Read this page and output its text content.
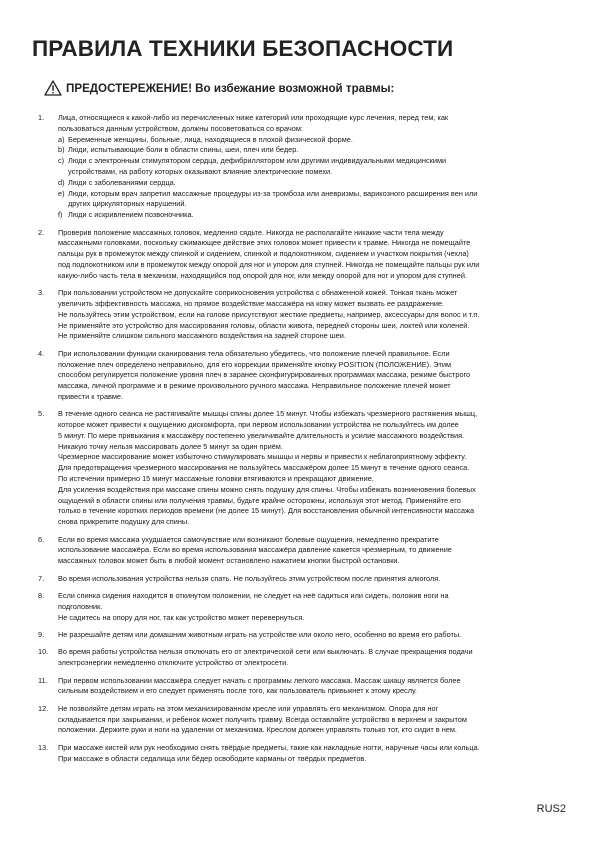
ПРАВИЛА ТЕХНИКИ БЕЗОПАСНОСТИ
ПРЕДОСТЕРЕЖЕНИЕ! Во избежание возможной травмы:
1. Лица, относящиеся к какой-либо из перечисленных ниже категорий или проходящие курс лечения, перед тем, как
пользоваться данным устройством, должны посоветоваться со врачом:
а) Беременные женщины, больные, лица, находящиеся в плохой физической форме.
b) Люди, испытывающие боли в области спины, шеи, плеч или бедер.
c) Люди с электронным стимулятором сердца, дефибриллятором или другими индивидуальными медицинскими
устройствами, на работу которых оказывают влияние электрические помехи.
d) Люди с заболеваниями сердца.
e) Люди, которым врач запретил массажные процедуры из-за тромбоза или аневризмы, варикозного расширения вен или
других циркуляторных нарушений.
f) Люди с искривлением позвоночника.
2. Проверив положение массажных головок, медленно сядьте. Никогда не располагайте никакие части тела между
массажными головками, поскольку сжимающее действие этих головок может привести к травме. Никогда не помещайте
пальцы рук в промежуток между спинкой и сидением, спинкой и подлокотником, сидением и участком покрытия (чехла)
под подлокотником или в промежуток между опорой для ног и упором для ступней. Никогда не помещайте пальцы рук или
какую-либо часть тела в механизм, находящийся под опорой для ног, или между опорой для ног и упором для ступней.
3. При пользовании устройством не допускайте соприкосновения устройства с обнаженной кожей. Тонкая ткань может
увеличить эффективность массажа, но прямое воздействие массажёра на кожу может вызвать ее раздражение.
Не пользуйтесь этим устройством, если на голове присутствуют жесткие предметы, например, аксессуары для волос и т.п.
Не применяйте это устройство для массирования головы, области живота, передней стороны шеи, локтей или коленей.
Не применяйте слишком сильного массажного воздействия на задней стороне шеи.
4. При использовании функции сканирования тела обязательно убедитесь, что положение плечей правильное. Если
положение плеч определено неправильно, для его коррекции применяйте кнопку POSITION (ПОЛОЖЕНИЕ). Этим
способом регулируется положение уровня плеч в заранее сконфигурированных программах массажа, режиме быстрого
массажа, личной программе и в режиме произвольного ручного массажа. Неправильное положение плечей может
привести к травме.
5. В течение одного сеанса не растягивайте мышцы спины долее 15 минут. Чтобы избежать чрезмерного растяжения мышц,
которое может привести к ощущению дискомфорта, при первом использовании устройства не пользуйтесь им долее
5 минут. По мере привыкания к массажёру постепенно увеличивайте длительность и усилие массажного воздействия.
Никакую точку нельзя массировать долее 5 минут за один приём.
Чрезмерное массирование может избыточно стимулировать мышцы и нервы и привести к неблагоприятному эффекту.
Для предотвращения чрезмерного массирования не пользуйтесь массажёром долее 15 минут в течение одного сеанса.
По истечении примерно 15 минут массажные головки втягиваются и прекращают движение.
Для усиления воздействия при массаже спины можно снять подушку для спины. Чтобы избежать возникновения болевых
ощущений в области спины или получения травмы, будьте крайне осторожны, используя этот метод. Применяйте его
только в течение коротких периодов времени (не долее 15 минут). Для восстановления обычной интенсивности массажа
снова прикрепите подушку для спины.
6. Если во время массажа ухудшается самочувствие или возникают болевые ощущения, немедленно прекратите
использование массажёра. Если во время использования массажёра давление кажется чрезмерным, то движение
массажных головок может быть в любой момент остановлено нажатием кнопки быстрой остановки.
7. Во время использования устройства нельзя спать. Не пользуйтесь этим устройством после принятия алкоголя.
8. Если спинка сидения находится в откинутом положении, не следует на неё садиться или сидеть, положив ноги на
подголовник.
Не садитесь на опору для ног, так как устройство может перевернуться.
9. Не разрешайте детям или домашним животным играть на устройстве или около него, особенно во время его работы.
10. Во время работы устройства нельзя отключать его от электрической сети или выключать. В случае прекращения подачи
электроэнергии немедленно отключите устройство от электросети.
11. При первом использовании массажёра следует начать с программы легкого массажа. Массаж шиацу является более
сильным воздействием и его следует применять после того, как пользователь привыкнет к этому креслу.
12. Не позволяйте детям играть на этом механизированном кресле или управлять его механизмом. Опора для ног
складывается при закрывании, и ребенок может получить травму. Всегда оставляйте устройство в верхнем и закрытом
положении. Держите руки и ноги на удалении от механизма. Креслом должен управлять только тот, кто сидит в нем.
13. При массаже кистей или рук необходимо снять твёрдые предметы, такие как накладные ногти, наручные часы или кольца.
При массаже в области седалища или бёдер освободите карманы от твёрдых предметов.
RUS2
